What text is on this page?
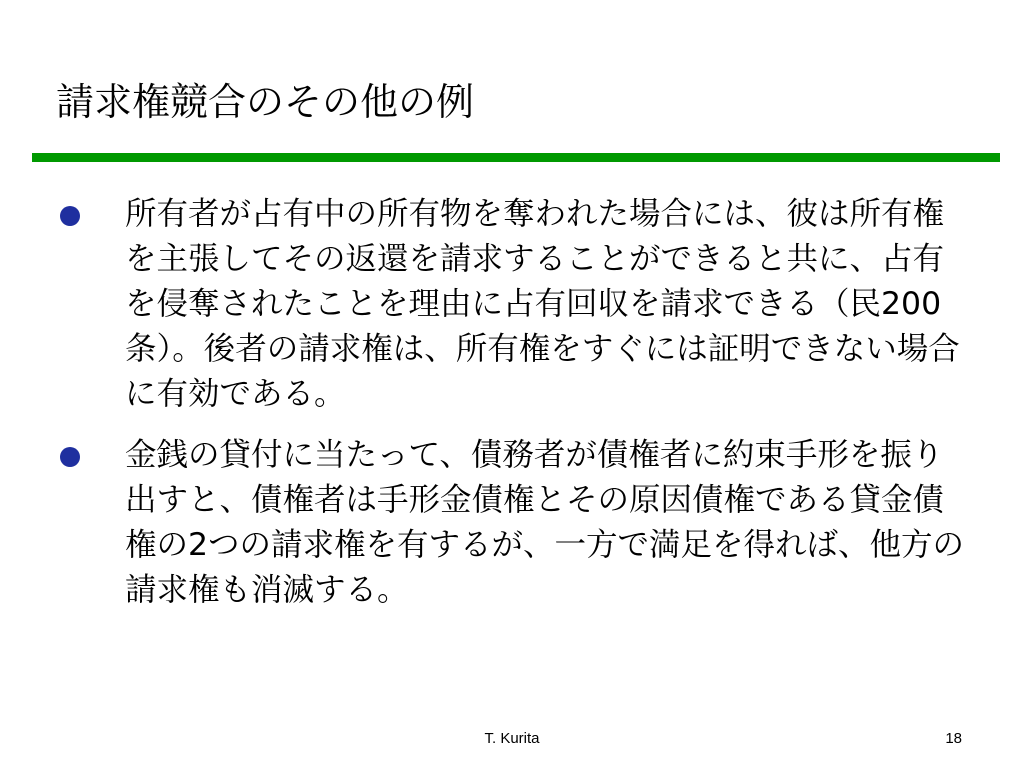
請求権競合のその他の例
所有者が占有中の所有物を奪われた場合には、彼は所有権を主張してその返還を請求することができると共に、占有を侵奪されたことを理由に占有回収を請求できる（民200条）。後者の請求権は、所有権をすぐには証明できない場合に有効である。
金銭の貸付に当たって、債務者が債権者に約束手形を振り出すと、債権者は手形金債権とその原因債権である貸金債権の2つの請求権を有するが、一方で満足を得れば、他方の請求権も消滅する。
T. Kurita	18
